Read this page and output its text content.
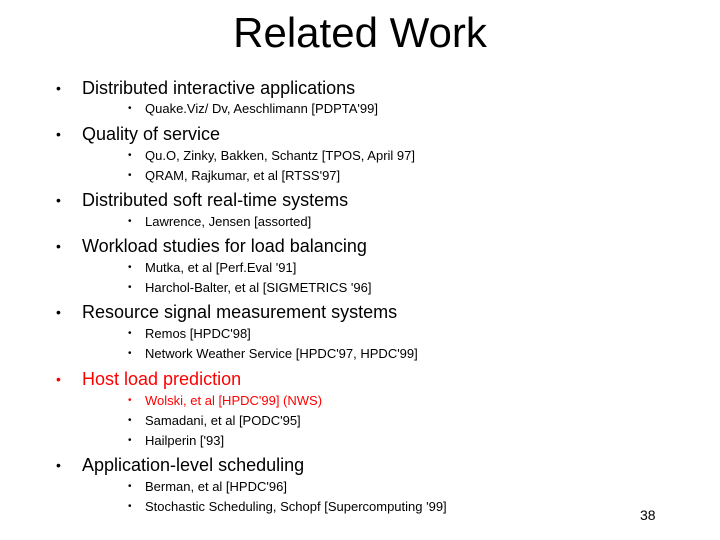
Related Work
• Distributed interactive applications
• Quake.Viz/ Dv, Aeschlimann [PDPTA'99]
• Quality of service
• Qu.O, Zinky, Bakken, Schantz [TPOS, April 97]
• QRAM, Rajkumar, et al [RTSS'97]
• Distributed soft real-time systems
• Lawrence, Jensen [assorted]
• Workload studies for load balancing
• Mutka, et al [Perf.Eval '91]
• Harchol-Balter, et al [SIGMETRICS '96]
• Resource signal measurement systems
• Remos [HPDC'98]
• Network Weather Service [HPDC'97, HPDC'99]
• Host load prediction
• Wolski, et al [HPDC'99] (NWS)
• Samadani, et al [PODC'95]
• Hailperin ['93]
• Application-level scheduling
• Berman, et al [HPDC'96]
• Stochastic Scheduling, Schopf [Supercomputing '99]
38
